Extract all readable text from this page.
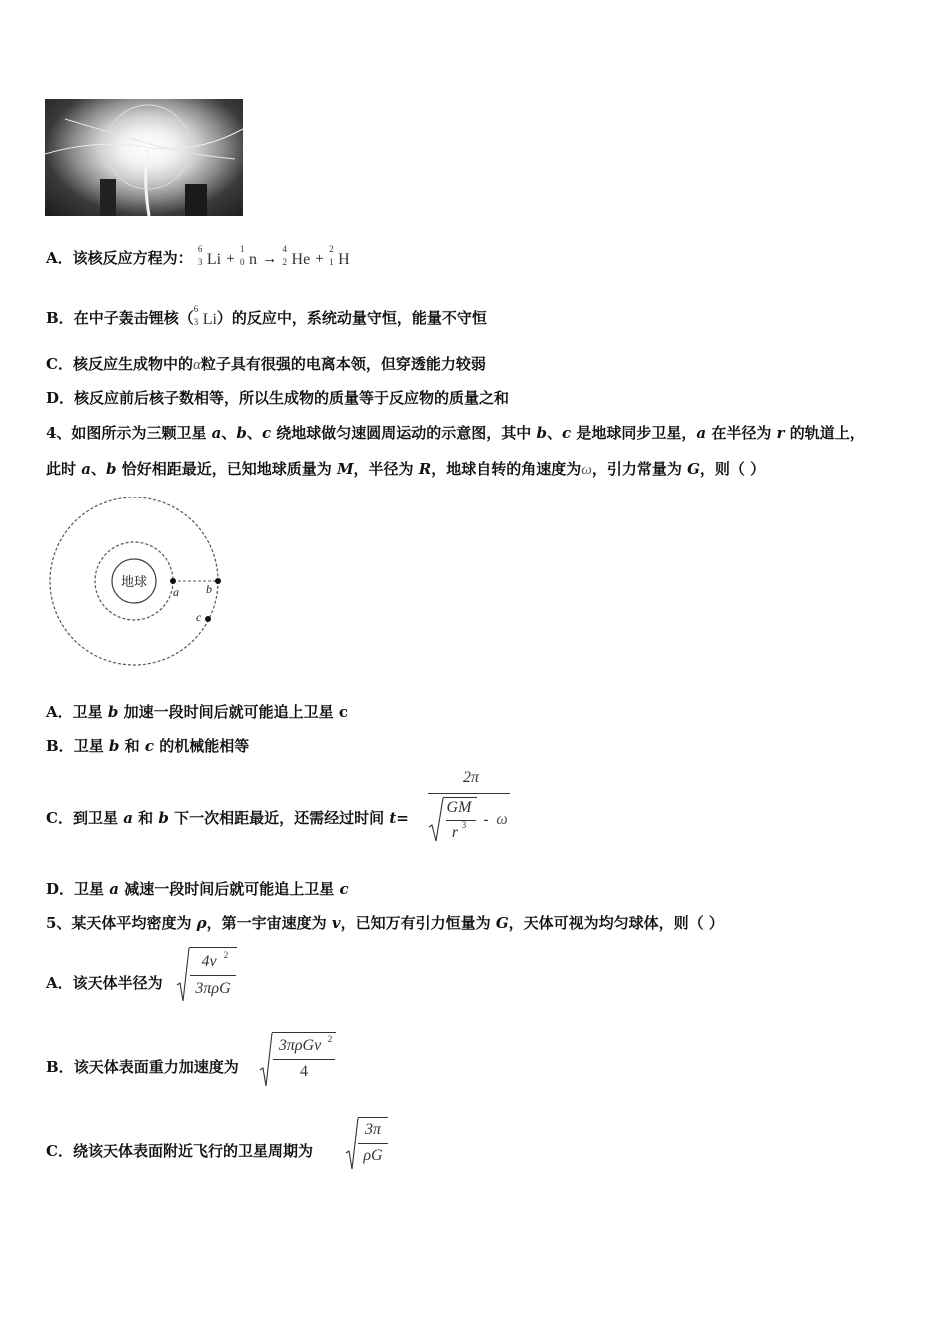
A．该核反应方程为：
6
3 Li +
1
0 n →
4
2 He +
2
1 H
B．在中子轰击锂核（
6
3 Li）的反应中，系统动量守恒，能量不守恒
C．核反应生成物中的α粒子具有很强的电离本领，但穿透能力较弱
D．核反应前后核子数相等，所以生成物的质量等于反应物的质量之和
4、如图所示为三颗卫星 a、b、c 绕地球做匀速圆周运动的示意图，其中 b、c 是地球同步卫星，a 在半径为 r 的轨道上，
此时 a、b 恰好相距最近，已知地球质量为 M，半径为 R，地球自转的角速度为ω，引力常量为 G，则（ ）
地球
a b
c
A．卫星 b 加速一段时间后就可能追上卫星 c
B．卫星 b 和 c 的机械能相等
C．到卫星 a 和 b 下一次相距最近，还需经过时间 t=
2π
GM
r 3 - ω
D．卫星 a 减速一段时间后就可能追上卫星 c
5、某天体平均密度为 ρ，第一宇宙速度为 v，已知万有引力恒量为 G，天体可视为均匀球体，则（ ）
A．该天体半径为
4v 2
3πρG
B．该天体表面重力加速度为
3πρGv 2
4
C．绕该天体表面附近飞行的卫星周期为
3π
ρG
